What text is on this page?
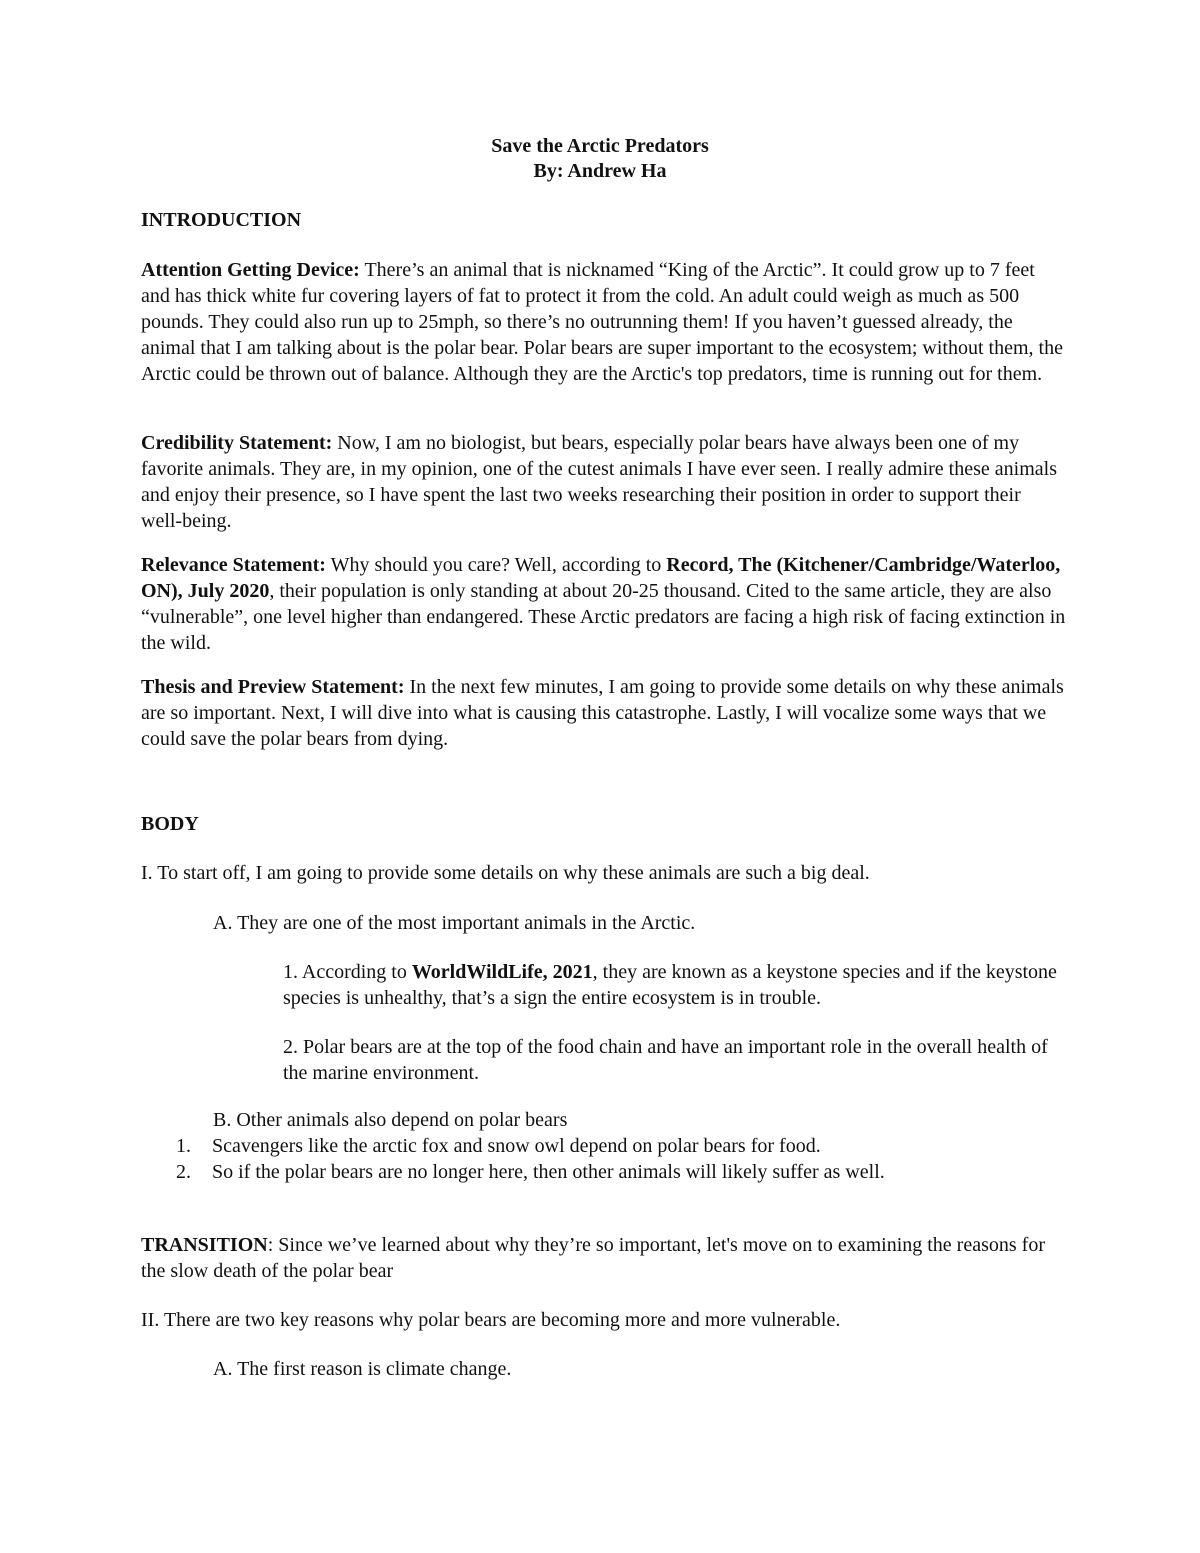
Save the Arctic Predators
By: Andrew Ha
INTRODUCTION

Attention Getting Device: There’s an animal that is nicknamed “King of the Arctic”. It could grow up to 7 feet and has thick white fur covering layers of fat to protect it from the cold. An adult could weigh as much as 500 pounds. They could also run up to 25mph, so there’s no outrunning them! If you haven’t guessed already, the animal that I am talking about is the polar bear. Polar bears are super important to the ecosystem; without them, the Arctic could be thrown out of balance. Although they are the Arctic's top predators, time is running out for them.

Credibility Statement: Now, I am no biologist, but bears, especially polar bears have always been one of my favorite animals. They are, in my opinion, one of the cutest animals I have ever seen. I really admire these animals and enjoy their presence, so I have spent the last two weeks researching their position in order to support their well-being.

Relevance Statement: Why should you care? Well, according to Record, The (Kitchener/Cambridge/Waterloo, ON), July 2020, their population is only standing at about 20-25 thousand. Cited to the same article, they are also “vulnerable”, one level higher than endangered. These Arctic predators are facing a high risk of facing extinction in the wild.

Thesis and Preview Statement: In the next few minutes, I am going to provide some details on why these animals are so important. Next, I will dive into what is causing this catastrophe. Lastly, I will vocalize some ways that we could save the polar bears from dying.

BODY

I. To start off, I am going to provide some details on why these animals are such a big deal.

A. They are one of the most important animals in the Arctic.

1. According to WorldWildLife, 2021, they are known as a keystone species and if the keystone species is unhealthy, that’s a sign the entire ecosystem is in trouble.

2. Polar bears are at the top of the food chain and have an important role in the overall health of the marine environment.

B. Other animals also depend on polar bears

1. Scavengers like the arctic fox and snow owl depend on polar bears for food.
2. So if the polar bears are no longer here, then other animals will likely suffer as well.

TRANSITION: Since we’ve learned about why they’re so important, let's move on to examining the reasons for the slow death of the polar bear

II. There are two key reasons why polar bears are becoming more and more vulnerable.

A. The first reason is climate change.
